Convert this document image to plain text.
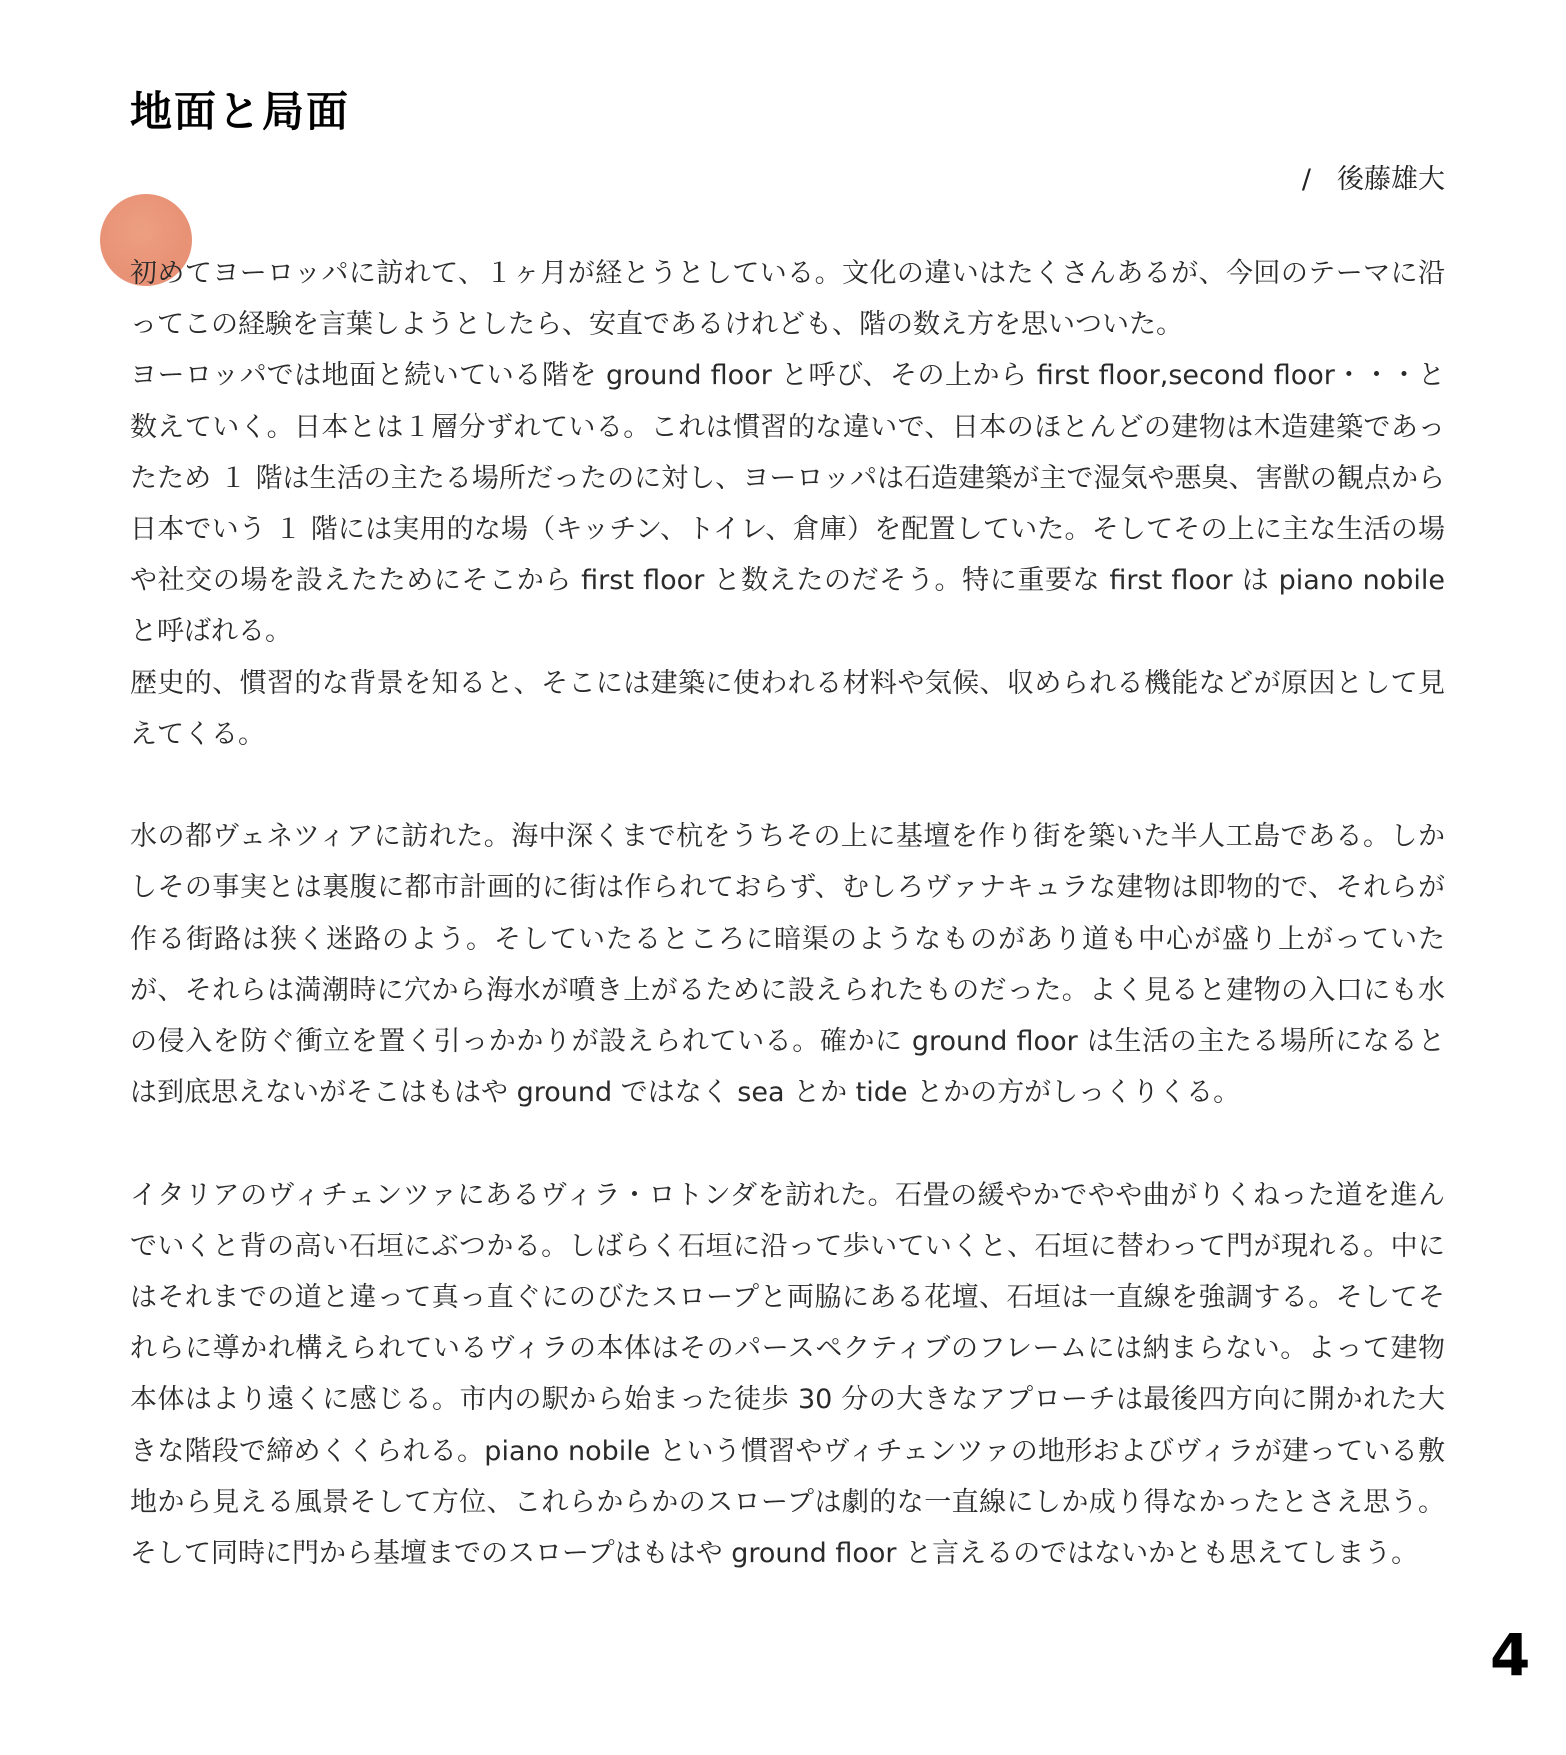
地面と局面
/ 後藤雄大

初めてヨーロッパに訪れて、１ヶ月が経とうとしている。文化の違いはたくさんあるが、今回のテーマに沿ってこの経験を言葉しようとしたら、安直であるけれども、階の数え方を思いついた。

ヨーロッパでは地面と続いている階を ground floor と呼び、その上から first floor,second floor・・・と数えていく。日本とは１層分ずれている。これは慣習的な違いで、日本のほとんどの建物は木造建築であったため １ 階は生活の主たる場所だったのに対し、ヨーロッパは石造建築が主で湿気や悪臭、害獣の観点から日本でいう １ 階には実用的な場（キッチン、トイレ、倉庫）を配置していた。そしてその上に主な生活の場や社交の場を設えたためにそこから first floor と数えたのだそう。特に重要な first floor は piano nobile と呼ばれる。

歴史的、慣習的な背景を知ると、そこには建築に使われる材料や気候、収められる機能などが原因として見えてくる。

水の都ヴェネツィアに訪れた。海中深くまで杭をうちその上に基壇を作り街を築いた半人工島である。しかしその事実とは裏腹に都市計画的に街は作られておらず、むしろヴァナキュラな建物は即物的で、それらが作る街路は狭く迷路のよう。そしていたるところに暗渠のようなものがあり道も中心が盛り上がっていたが、それらは満潮時に穴から海水が噴き上がるために設えられたものだった。よく見ると建物の入口にも水の侵入を防ぐ衝立を置く引っかかりが設えられている。確かに ground floor は生活の主たる場所になるとは到底思えないがそこはもはや ground ではなく sea とか tide とかの方がしっくりくる。

イタリアのヴィチェンツァにあるヴィラ・ロトンダを訪れた。石畳の緩やかでやや曲がりくねった道を進んでいくと背の高い石垣にぶつかる。しばらく石垣に沿って歩いていくと、石垣に替わって門が現れる。中にはそれまでの道と違って真っ直ぐにのびたスロープと両脇にある花壇、石垣は一直線を強調する。そしてそれらに導かれ構えられているヴィラの本体はそのパースペクティブのフレームには納まらない。よって建物本体はより遠くに感じる。市内の駅から始まった徒歩 30 分の大きなアプローチは最後四方向に開かれた大きな階段で締めくくられる。piano nobile という慣習やヴィチェンツァの地形およびヴィラが建っている敷地から見える風景そして方位、これらからかのスロープは劇的な一直線にしか成り得なかったとさえ思う。そして同時に門から基壇までのスロープはもはや ground floor と言えるのではないかとも思えてしまう。

4
